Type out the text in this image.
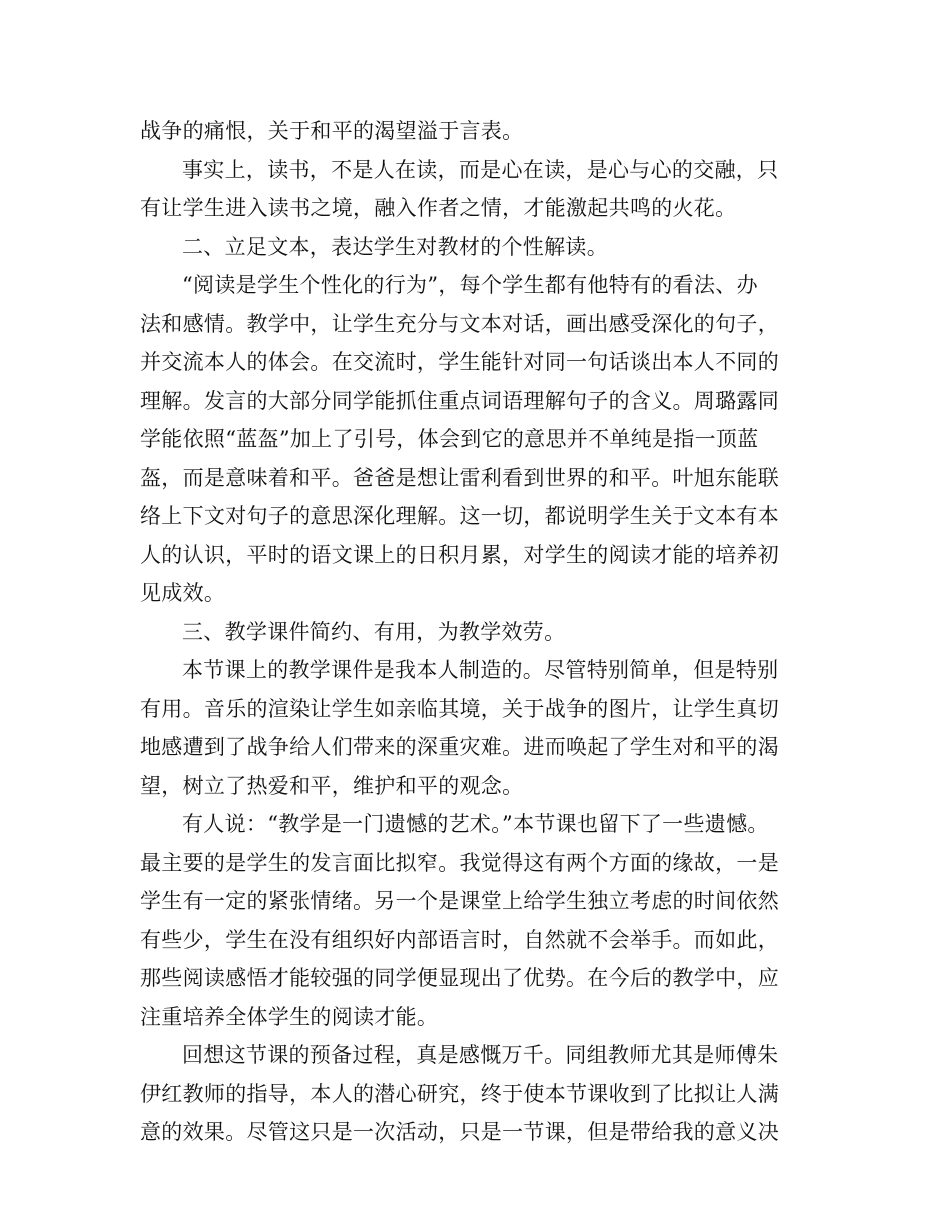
战争的痛恨，关于和平的渴望溢于言表。
事实上，读书，不是人在读，而是心在读，是心与心的交融，只
有让学生进入读书之境，融入作者之情，才能激起共鸣的火花。
二、立足文本，表达学生对教材的个性解读。
“阅读是学生个性化的行为”，每个学生都有他特有的看法、办
法和感情。教学中，让学生充分与文本对话，画出感受深化的句子，
并交流本人的体会。在交流时，学生能针对同一句话谈出本人不同的
理解。发言的大部分同学能抓住重点词语理解句子的含义。周璐露同
学能依照“蓝盔”加上了引号，体会到它的意思并不单纯是指一顶蓝
盔，而是意味着和平。爸爸是想让雷利看到世界的和平。叶旭东能联
络上下文对句子的意思深化理解。这一切，都说明学生关于文本有本
人的认识，平时的语文课上的日积月累，对学生的阅读才能的培养初
见成效。
三、教学课件简约、有用，为教学效劳。
本节课上的教学课件是我本人制造的。尽管特别简单，但是特别
有用。音乐的渲染让学生如亲临其境，关于战争的图片，让学生真切
地感遭到了战争给人们带来的深重灾难。进而唤起了学生对和平的渴
望，树立了热爱和平，维护和平的观念。
有人说：“教学是一门遗憾的艺术。”本节课也留下了一些遗憾。
最主要的是学生的发言面比拟窄。我觉得这有两个方面的缘故，一是
学生有一定的紧张情绪。另一个是课堂上给学生独立考虑的时间依然
有些少，学生在没有组织好内部语言时，自然就不会举手。而如此，
那些阅读感悟才能较强的同学便显现出了优势。在今后的教学中，应
注重培养全体学生的阅读才能。
回想这节课的预备过程，真是感慨万千。同组教师尤其是师傅朱
伊红教师的指导，本人的潜心研究，终于使本节课收到了比拟让人满
意的效果。尽管这只是一次活动，只是一节课，但是带给我的意义决
